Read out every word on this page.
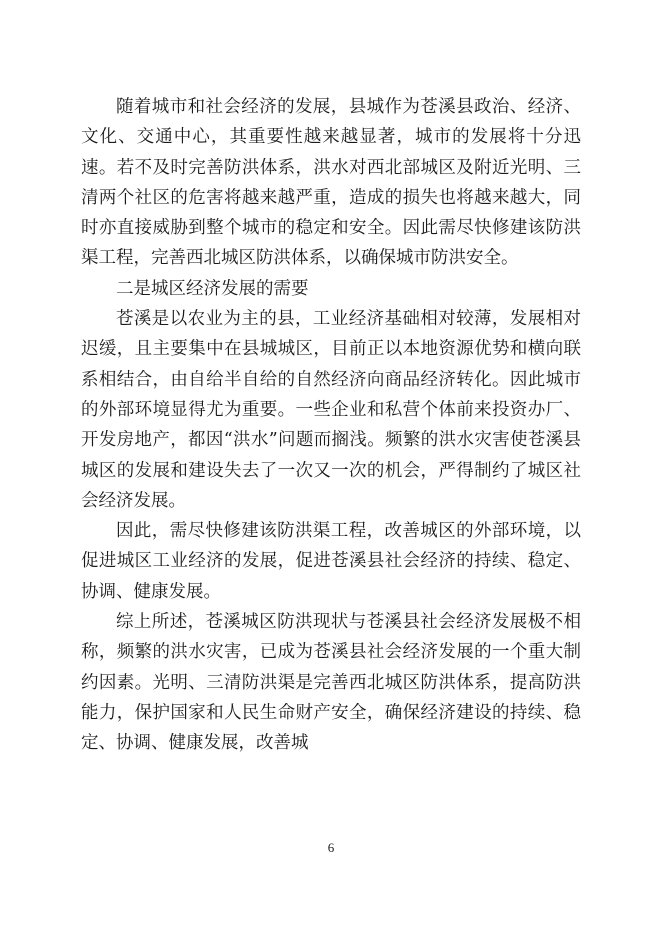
随着城市和社会经济的发展，县城作为苍溪县政治、经济、文化、交通中心，其重要性越来越显著，城市的发展将十分迅速。若不及时完善防洪体系，洪水对西北部城区及附近光明、三清两个社区的危害将越来越严重，造成的损失也将越来越大，同时亦直接威胁到整个城市的稳定和安全。因此需尽快修建该防洪渠工程，完善西北城区防洪体系，以确保城市防洪安全。

二是城区经济发展的需要

苍溪是以农业为主的县，工业经济基础相对较薄，发展相对迟缓，且主要集中在县城城区，目前正以本地资源优势和横向联系相结合，由自给半自给的自然经济向商品经济转化。因此城市的外部环境显得尤为重要。一些企业和私营个体前来投资办厂、开发房地产，都因“洪水”问题而搁浅。频繁的洪水灾害使苍溪县城区的发展和建设失去了一次又一次的机会，严得制约了城区社会经济发展。

因此，需尽快修建该防洪渠工程，改善城区的外部环境，以促进城区工业经济的发展，促进苍溪县社会经济的持续、稳定、协调、健康发展。

综上所述，苍溪城区防洪现状与苍溪县社会经济发展极不相称，频繁的洪水灾害，已成为苍溪县社会经济发展的一个重大制约因素。光明、三清防洪渠是完善西北城区防洪体系，提高防洪能力，保护国家和人民生命财产安全，确保经济建设的持续、稳定、协调、健康发展，改善城

6
